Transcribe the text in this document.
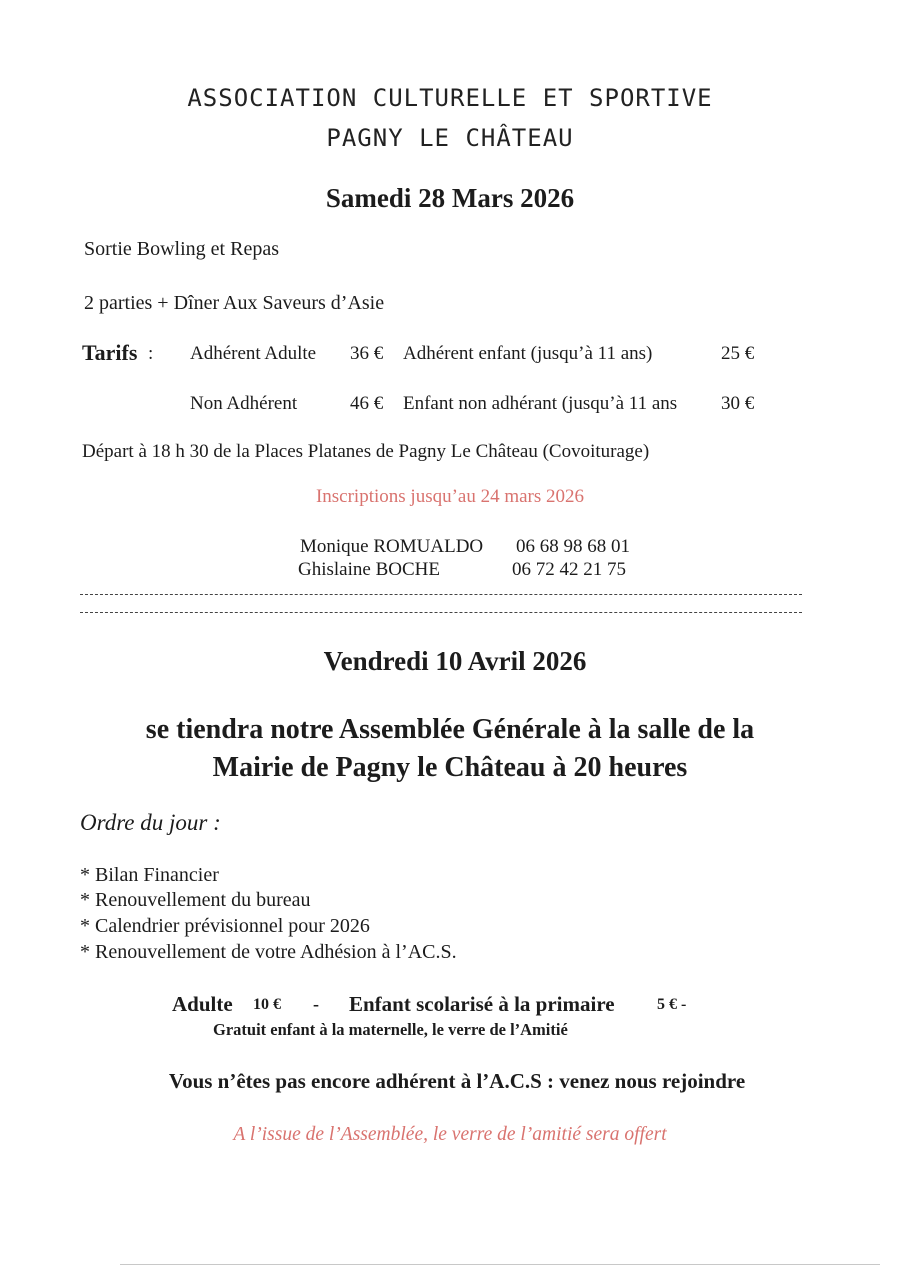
ASSOCIATION CULTURELLE ET SPORTIVE
PAGNY LE CHÂTEAU
Samedi 28 Mars 2026
Sortie Bowling et Repas
2 parties + Dîner Aux Saveurs d’Asie
Tarifs : Adhérent Adulte 36 € Adhérent enfant (jusqu’à 11 ans)	25 €
Non Adhérent	46 € Enfant non adhérant (jusqu’à 11 ans 30 €
Départ à 18 h 30 de la Places Platanes de Pagny Le Château (Covoiturage)
Inscriptions jusqu’au 24 mars 2026
Monique ROMUALDO 06 68 98 68 01
Ghislaine BOCHE	06 72 42 21 75
Vendredi 10 Avril 2026
se tiendra notre Assemblée Générale à la salle de la
Mairie de Pagny le Château à 20 heures
Ordre du jour :
* Bilan Financier
* Renouvellement du bureau
* Calendrier prévisionnel pour 2026
* Renouvellement de votre Adhésion à l’AC.S.
Adulte 10 € - Enfant scolarisé à la primaire	5 € -
Gratuit enfant à la maternelle, le verre de l’Amitié
Vous n’êtes pas encore adhérent à l’A.C.S : venez nous rejoindre
A l’issue de l’Assemblée, le verre de l’amitié sera offert
